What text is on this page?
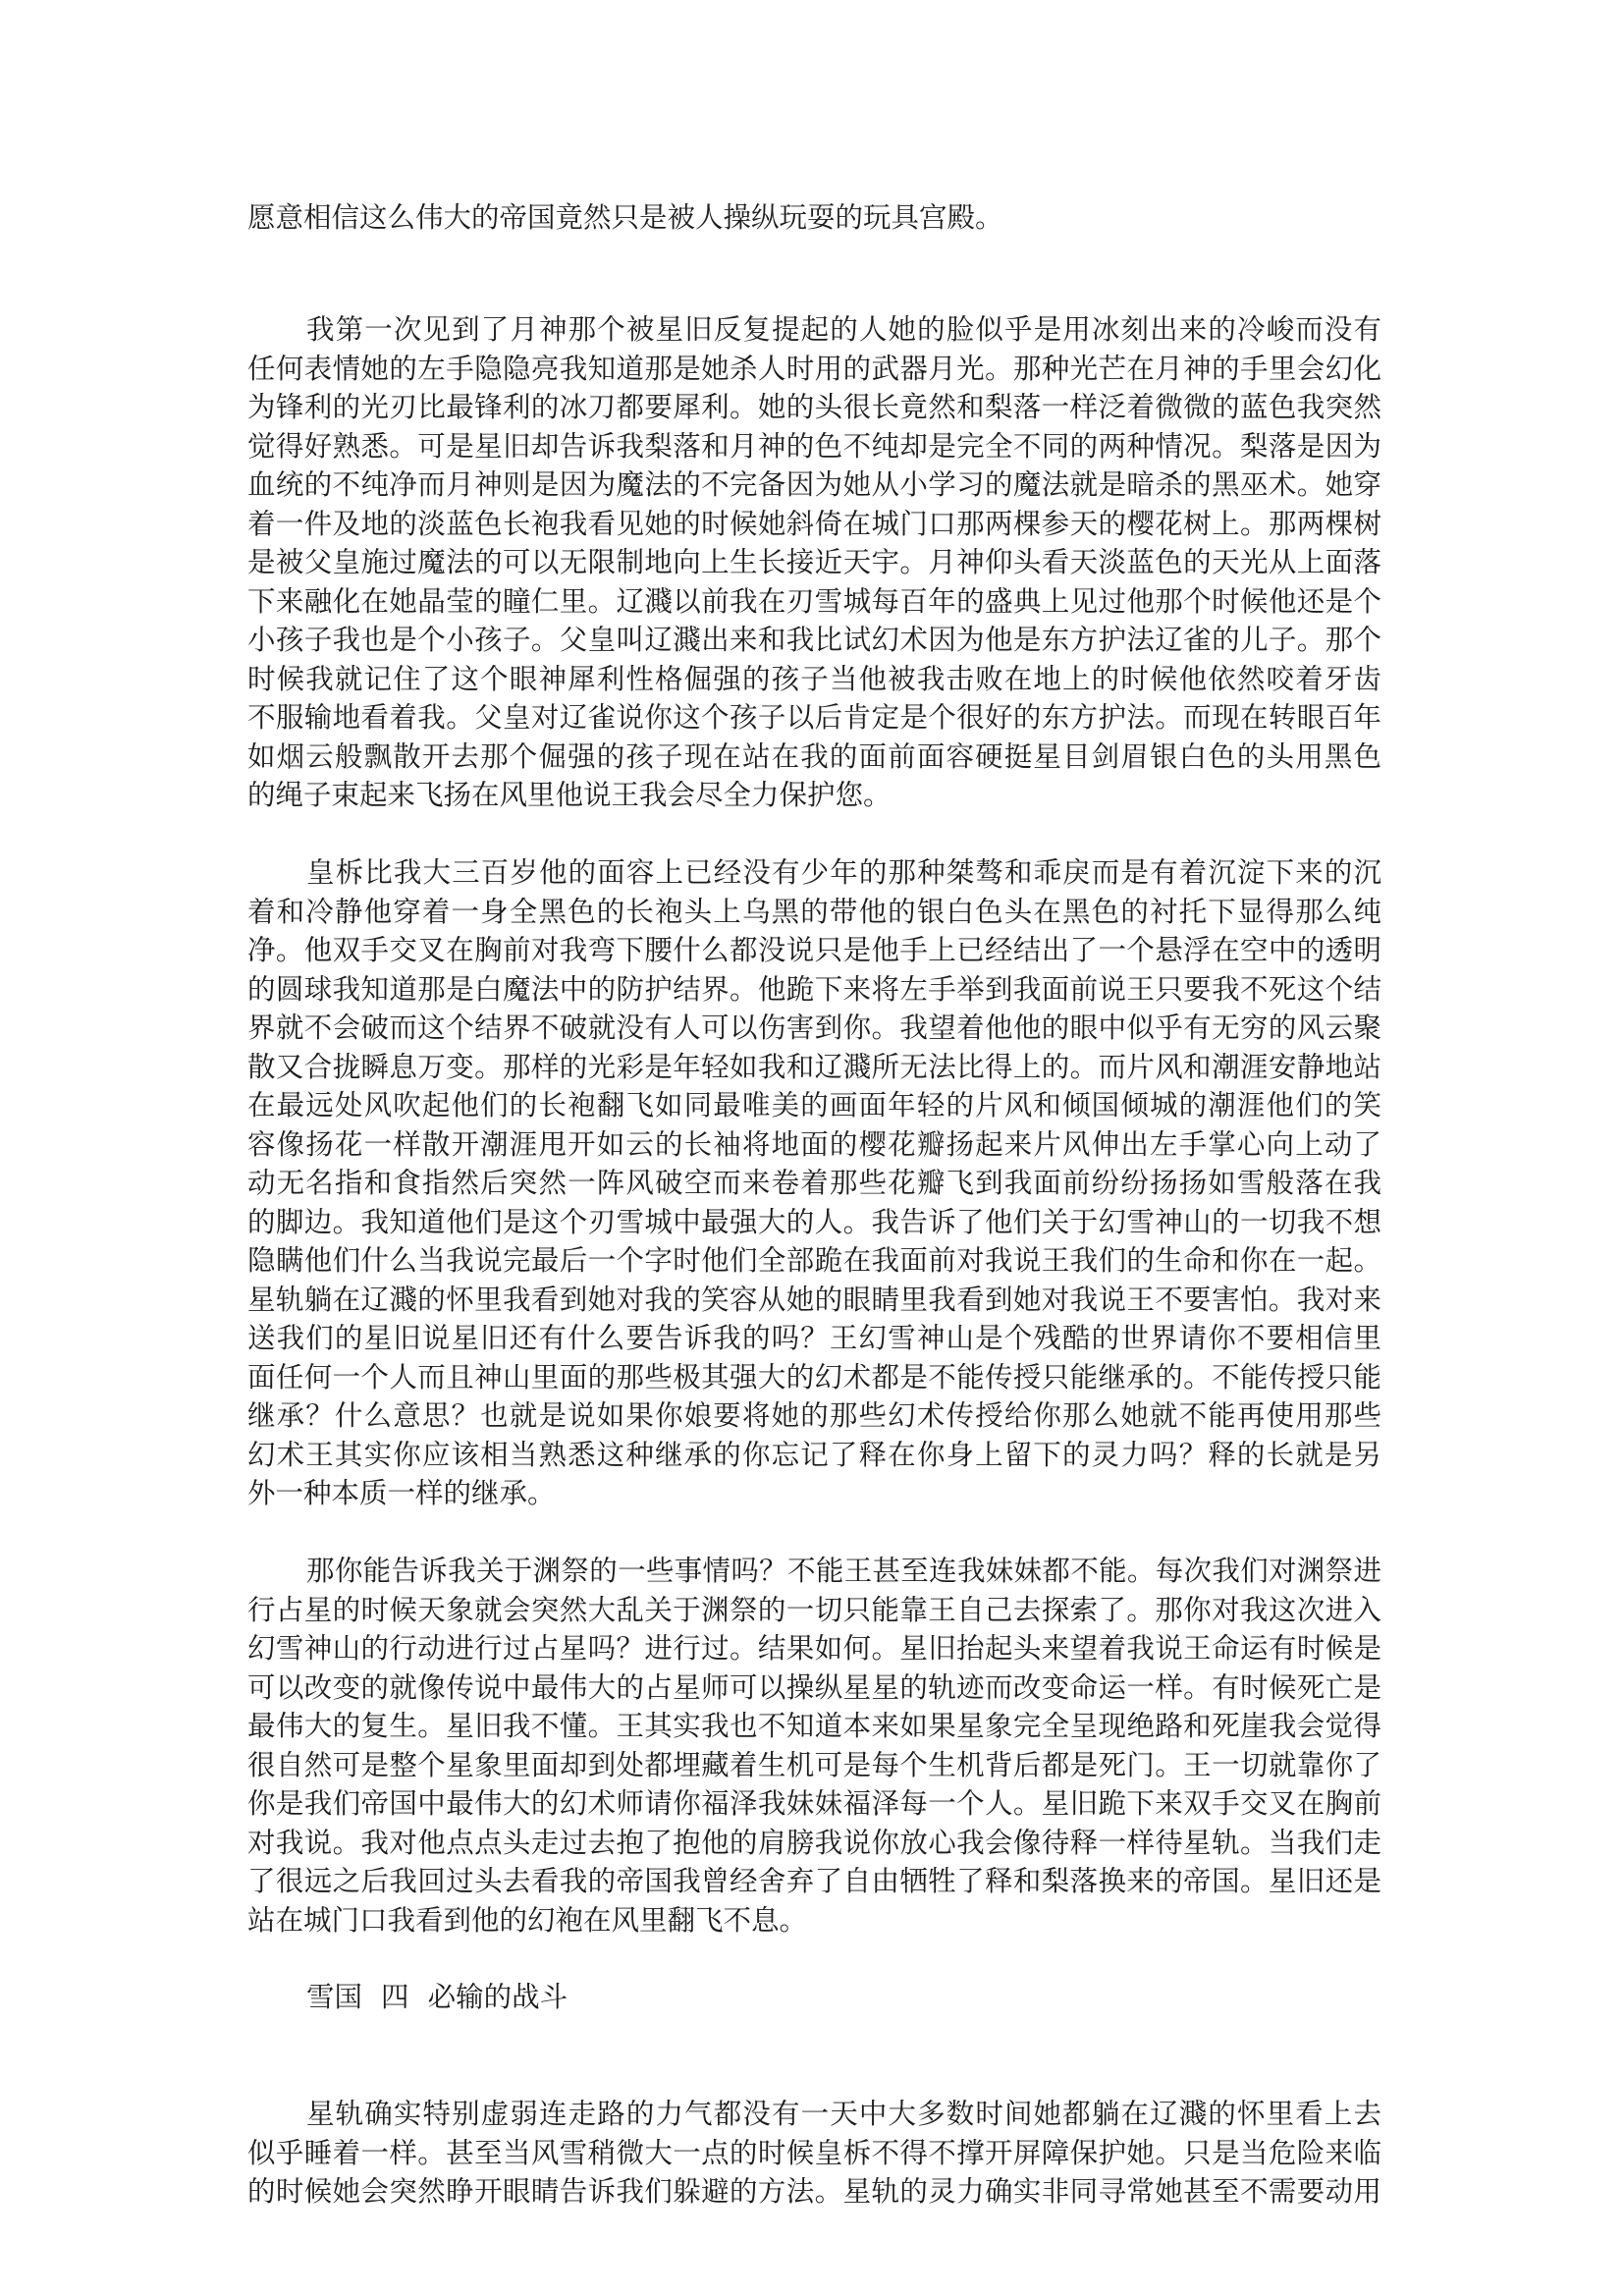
愿意相信这么伟大的帝国竟然只是被人操纵玩耍的玩具宫殿。
我第一次见到了月神那个被星旧反复提起的人她的脸似乎是用冰刻出来的冷峻而没有
任何表情她的左手隐隐亮我知道那是她杀人时用的武器月光。那种光芒在月神的手里会幻化
为锋利的光刃比最锋利的冰刀都要犀利。她的头很长竟然和梨落一样泛着微微的蓝色我突然
觉得好熟悉。可是星旧却告诉我梨落和月神的色不纯却是完全不同的两种情况。梨落是因为
血统的不纯净而月神则是因为魔法的不完备因为她从小学习的魔法就是暗杀的黑巫术。她穿
着一件及地的淡蓝色长袍我看见她的时候她斜倚在城门口那两棵参天的樱花树上。那两棵树
是被父皇施过魔法的可以无限制地向上生长接近天宇。月神仰头看天淡蓝色的天光从上面落
下来融化在她晶莹的瞳仁里。辽濺以前我在刃雪城每百年的盛典上见过他那个时候他还是个
小孩子我也是个小孩子。父皇叫辽濺出来和我比试幻术因为他是东方护法辽雀的儿子。那个
时候我就记住了这个眼神犀利性格倔强的孩子当他被我击败在地上的时候他依然咬着牙齿
不服输地看着我。父皇对辽雀说你这个孩子以后肯定是个很好的东方护法。而现在转眼百年
如烟云般飘散开去那个倔强的孩子现在站在我的面前面容硬挺星目剑眉银白色的头用黑色
的绳子束起来飞扬在风里他说王我会尽全力保护您。
皇柝比我大三百岁他的面容上已经没有少年的那种桀骜和乖戾而是有着沉淀下来的沉
着和冷静他穿着一身全黑色的长袍头上乌黑的带他的银白色头在黑色的衬托下显得那么纯
净。他双手交叉在胸前对我弯下腰什么都没说只是他手上已经结出了一个悬浮在空中的透明
的圆球我知道那是白魔法中的防护结界。他跪下来将左手举到我面前说王只要我不死这个结
界就不会破而这个结界不破就没有人可以伤害到你。我望着他他的眼中似乎有无穷的风云聚
散又合拢瞬息万变。那样的光彩是年轻如我和辽濺所无法比得上的。而片风和潮涯安静地站
在最远处风吹起他们的长袍翻飞如同最唯美的画面年轻的片风和倾国倾城的潮涯他们的笑
容像扬花一样散开潮涯甩开如云的长袖将地面的樱花瓣扬起来片风伸出左手掌心向上动了
动无名指和食指然后突然一阵风破空而来卷着那些花瓣飞到我面前纷纷扬扬如雪般落在我
的脚边。我知道他们是这个刃雪城中最强大的人。我告诉了他们关于幻雪神山的一切我不想
隐瞒他们什么当我说完最后一个字时他们全部跪在我面前对我说王我们的生命和你在一起。
星轨躺在辽濺的怀里我看到她对我的笑容从她的眼睛里我看到她对我说王不要害怕。我对来
送我们的星旧说星旧还有什么要告诉我的吗？王幻雪神山是个残酷的世界请你不要相信里
面任何一个人而且神山里面的那些极其强大的幻术都是不能传授只能继承的。不能传授只能
继承？什么意思？也就是说如果你娘要将她的那些幻术传授给你那么她就不能再使用那些
幻术王其实你应该相当熟悉这种继承的你忘记了释在你身上留下的灵力吗？释的长就是另
外一种本质一样的继承。
那你能告诉我关于渊祭的一些事情吗？不能王甚至连我妹妹都不能。每次我们对渊祭进
行占星的时候天象就会突然大乱关于渊祭的一切只能靠王自己去探索了。那你对我这次进入
幻雪神山的行动进行过占星吗？进行过。结果如何。星旧抬起头来望着我说王命运有时候是
可以改变的就像传说中最伟大的占星师可以操纵星星的轨迹而改变命运一样。有时候死亡是
最伟大的复生。星旧我不懂。王其实我也不知道本来如果星象完全呈现绝路和死崖我会觉得
很自然可是整个星象里面却到处都埋藏着生机可是每个生机背后都是死门。王一切就靠你了
你是我们帝国中最伟大的幻术师请你福泽我妹妹福泽每一个人。星旧跪下来双手交叉在胸前
对我说。我对他点点头走过去抱了抱他的肩膀我说你放心我会像待释一样待星轨。当我们走
了很远之后我回过头去看我的帝国我曾经舍弃了自由牺牲了释和梨落换来的帝国。星旧还是
站在城门口我看到他的幻袍在风里翻飞不息。
雪国 四 必输的战斗
星轨确实特别虚弱连走路的力气都没有一天中大多数时间她都躺在辽濺的怀里看上去
似乎睡着一样。甚至当风雪稍微大一点的时候皇柝不得不撑开屏障保护她。只是当危险来临
的时候她会突然睁开眼睛告诉我们躲避的方法。星轨的灵力确实非同寻常她甚至不需要动用
